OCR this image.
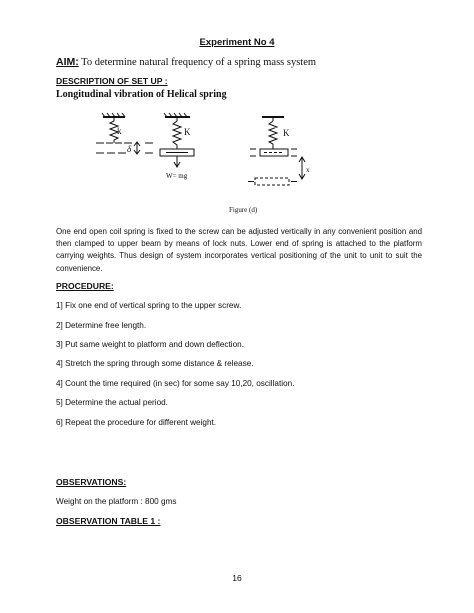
Experiment No 4
AIM: To determine natural frequency of a spring mass system
DESCRIPTION OF SET UP :
Longitudinal vibration of Helical spring
k
δ
K
W= mg
K
x
Figure (d)
One end open coil spring is fixed to the screw can be adjusted vertically in any convenient position and then clamped to upper beam by means of lock nuts. Lower end of spring is attached to the platform carrying weights. Thus design of system incorporates vertical positioning of the unit to unit to suit the convenience.
PROCEDURE:
1] Fix one end of vertical spring to the upper screw.
2] Determine free length.
3] Put same weight to platform and down deflection.
4] Stretch the spring through some distance & release.
4] Count the time required (in sec) for some say 10,20, oscillation.
5] Determine the actual period.
6] Repeat the procedure for different weight.
OBSERVATIONS:
Weight on the platform : 800 gms
OBSERVATION TABLE 1 :
16
